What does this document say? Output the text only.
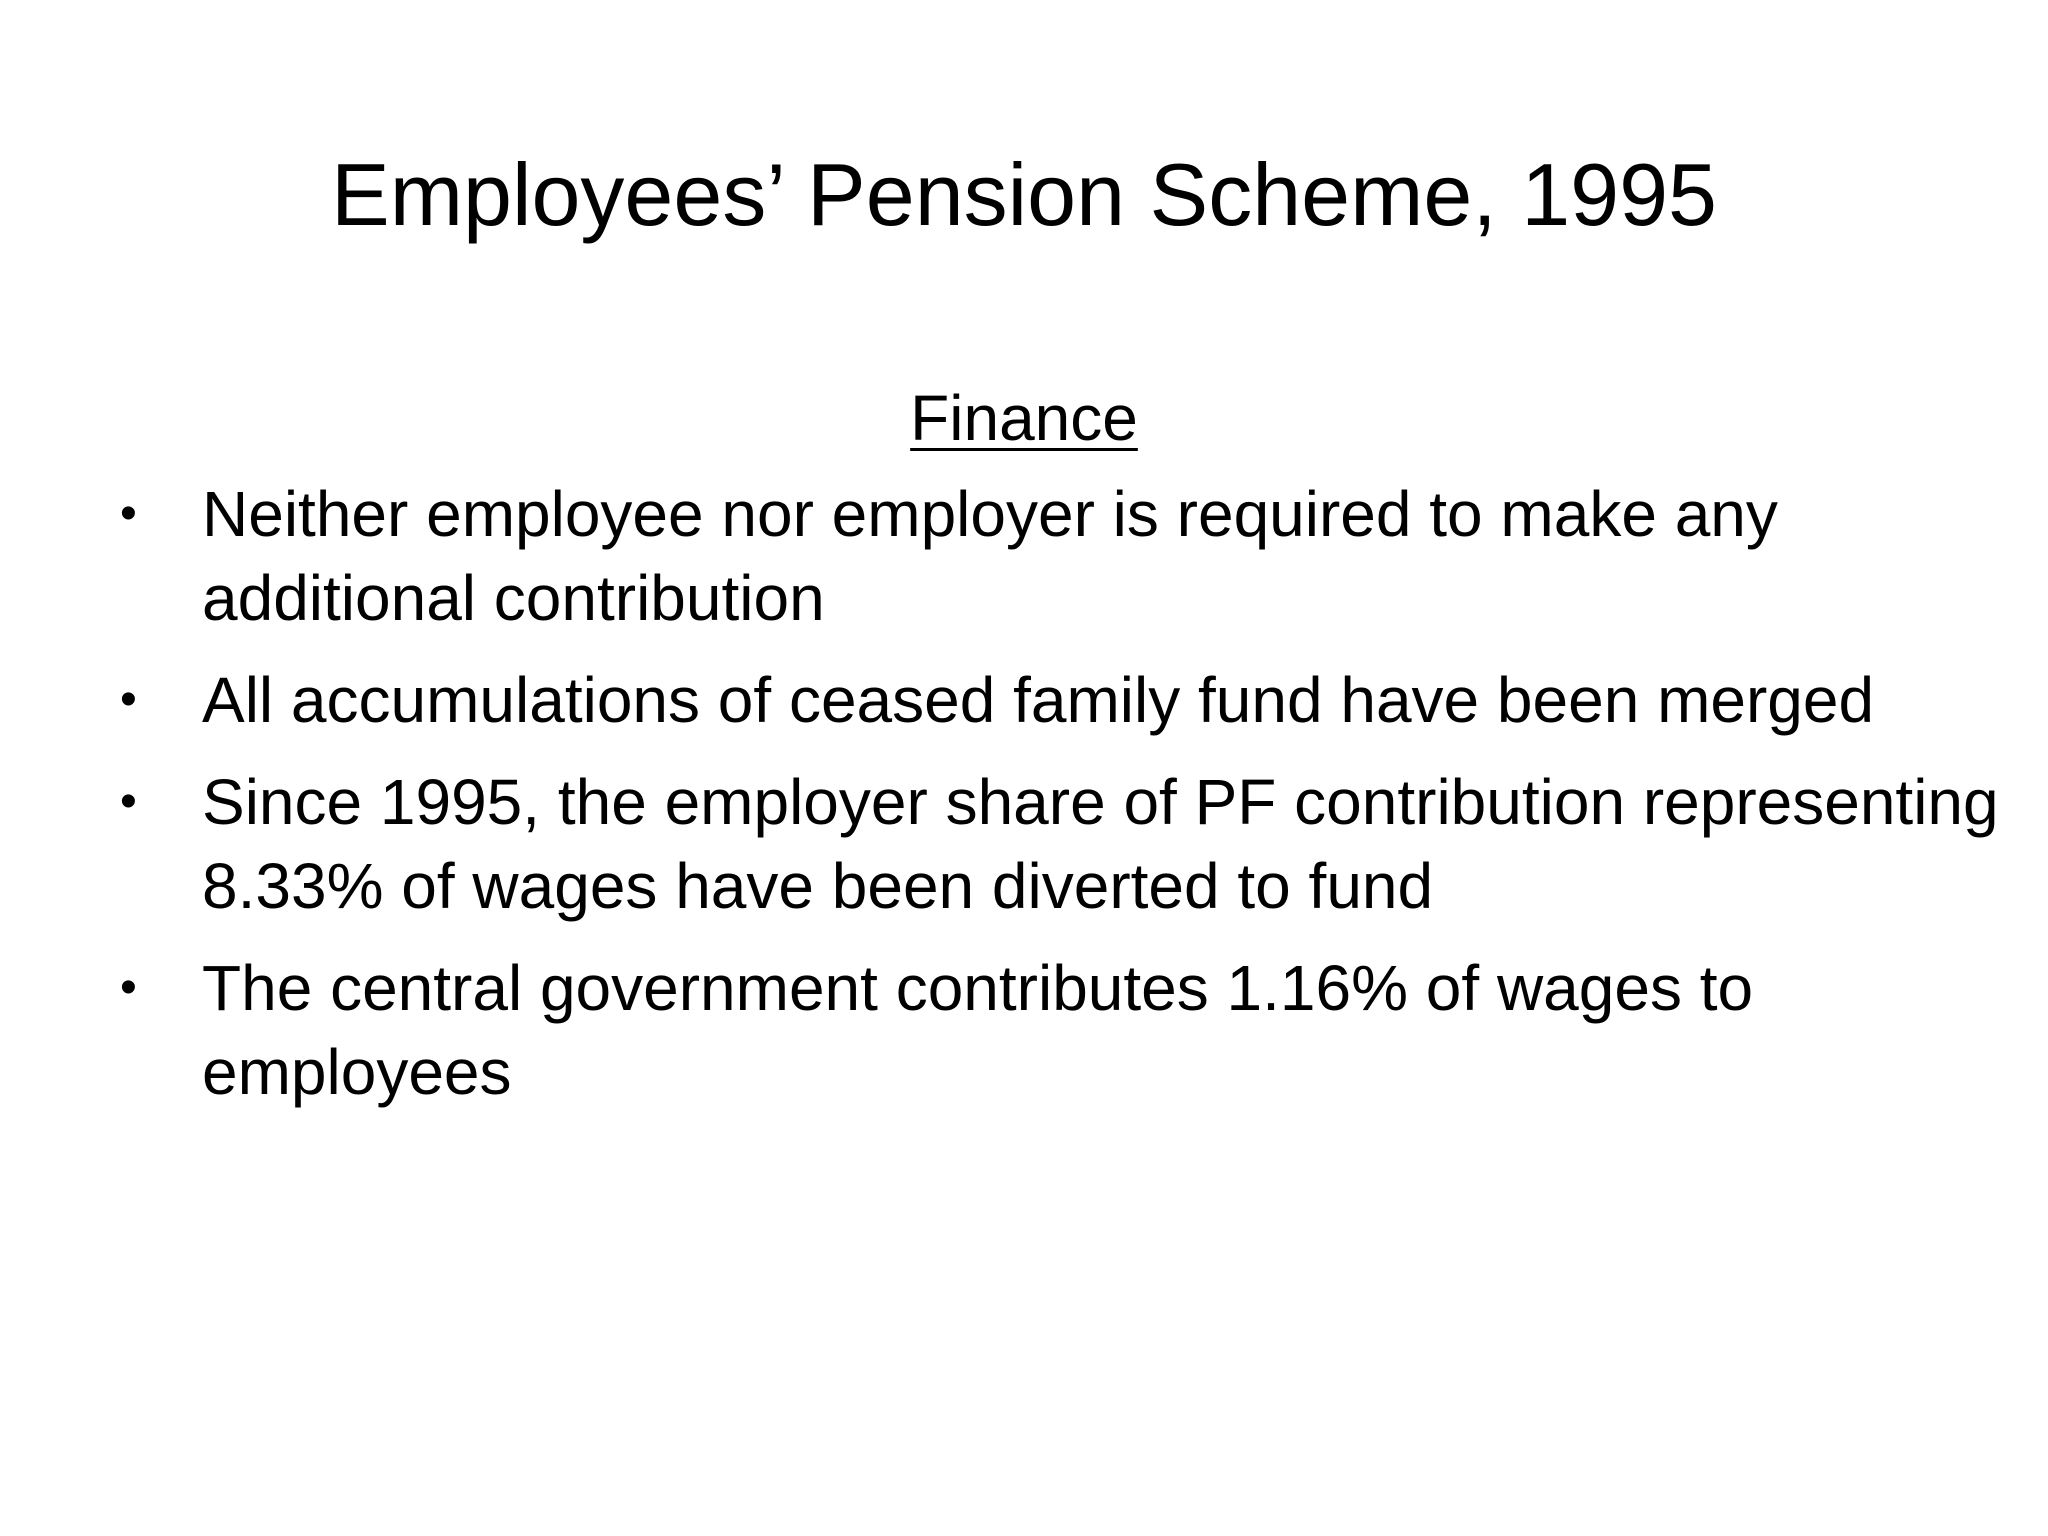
Employees’ Pension Scheme, 1995
Finance
• Neither employee nor employer is required to make any additional contribution
• All accumulations of ceased family fund have been merged
• Since 1995, the employer share of PF contribution representing 8.33% of wages have been diverted to fund
• The central government contributes 1.16% of wages to employees
